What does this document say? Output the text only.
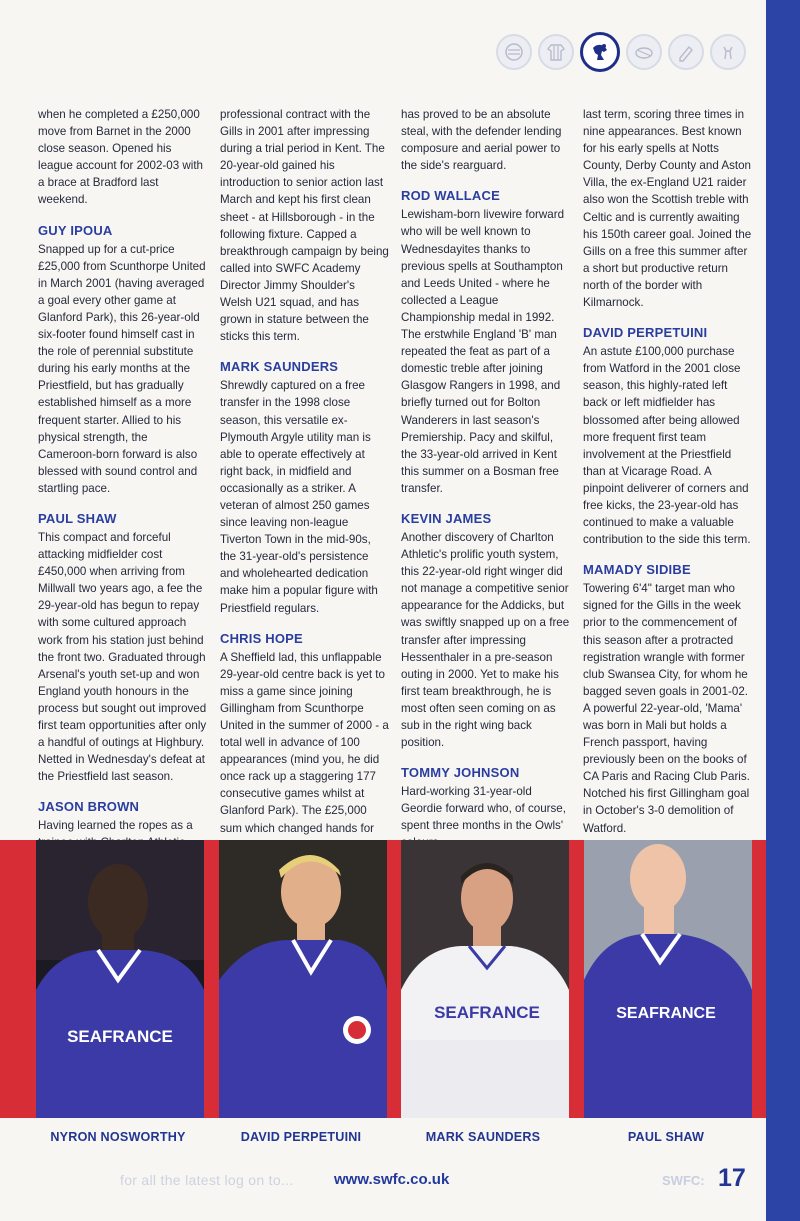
when he completed a £250,000 move from Barnet in the 2000 close season. Opened his league account for 2002-03 with a brace at Bradford last weekend.

GUY IPOUA

Snapped up for a cut-price £25,000 from Scunthorpe United in March 2001 (having averaged a goal every other game at Glanford Park), this 26-year-old six-footer found himself cast in the role of perennial substitute during his early months at the Priestfield, but has gradually established himself as a more frequent starter. Allied to his physical strength, the Cameroon-born forward is also blessed with sound control and startling pace.

PAUL SHAW

This compact and forceful attacking midfielder cost £450,000 when arriving from Millwall two years ago, a fee the 29-year-old has begun to repay with some cultured approach work from his station just behind the front two. Graduated through Arsenal's youth set-up and won England youth honours in the process but sought out improved first team opportunities after only a handful of outings at Highbury. Netted in Wednesday's defeat at the Priestfield last season.

JASON BROWN

Having learned the ropes as a

professional contract with the Gills in 2001 after impressing during a trial period in Kent. The 20-year-old gained his introduction to senior action last March and kept his first clean sheet - at Hillsborough - in the following fixture. Capped a breakthrough campaign by being called into SWFC Academy Director Jimmy Shoulder's Welsh U21 squad, and has grown in stature between the sticks this term.

MARK SAUNDERS

Shrewdly captured on a free transfer in the 1998 close season, this versatile ex-Plymouth Argyle utility man is able to operate effectively at right back, in midfield and occasionally as a striker. A veteran of almost 250 games since leaving non-league Tiverton Town in the mid-90s, the 31-year-old's persistence and wholehearted dedication make him a popular figure with Priestfield regulars.

CHRIS HOPE

A Sheffield lad, this unflappable 29-year-old centre back is yet to miss a game since joining Gillingham from Scunthorpe United in the summer of 2000 - a total well in advance of 100 appearances (mind you, he did once rack up a staggering 177 consecutive games whilst at Glanford Park). The £25,000 sum which changed hands for

has proved to be an absolute steal, with the defender lending composure and aerial power to the side's rearguard.

ROD WALLACE

Lewisham-born livewire forward who will be well known to Wednesdayites thanks to previous spells at Southampton and Leeds United - where he collected a League Championship medal in 1992. The erstwhile England 'B' man repeated the feat as part of a domestic treble after joining Glasgow Rangers in 1998, and briefly turned out for Bolton Wanderers in last season's Premiership. Pacy and skilful, the 33-year-old arrived in Kent this summer on a Bosman free transfer.

KEVIN JAMES

Another discovery of Charlton Athletic's prolific youth system, this 22-year-old right winger did not manage a competitive senior appearance for the Addicks, but was swiftly snapped up on a free transfer after impressing Hessenthaler in a pre-season outing in 2000. Yet to make his first team breakthrough, he is most often seen coming on as sub in the right wing back position.

TOMMY JOHNSON

Hard-working 31-year-old Geordie forward who, of course, spent three months in the Owls'

last term, scoring three times in nine appearances. Best known for his early spells at Notts County, Derby County and Aston Villa, the ex-England U21 raider also won the Scottish treble with Celtic and is currently awaiting his 150th career goal. Joined the Gills on a free this summer after a short but productive return north of the border with Kilmarnock.

DAVID PERPETUINI

An astute £100,000 purchase from Watford in the 2001 close season, this highly-rated left back or left midfielder has blossomed after being allowed more frequent first team involvement at the Priestfield than at Vicarage Road. A pinpoint deliverer of corners and free kicks, the 23-year-old has continued to make a valuable contribution to the side this term.

MAMADY SIDIBE

Towering 6'4" target man who signed for the Gills in the week prior to the commencement of this season after a protracted registration wrangle with former club Swansea City, for whom he bagged seven goals in 2001-02. A powerful 22-year-old, 'Mama' was born in Mali but holds a French passport, having previously been on the books of CA Paris and Racing Club Paris. Notched his first Gillingham goal in October's 3-0 demolition of Watford.

SEAFRANCE
SEAFRANCE	SEAFRANCE
NYRON NOSWORTHY	DAVID PERPETUINI	MARK SAUNDERS	PAUL SHAW
for all the latest log on to...	www.swfc.co.uk	SWFC: 17
